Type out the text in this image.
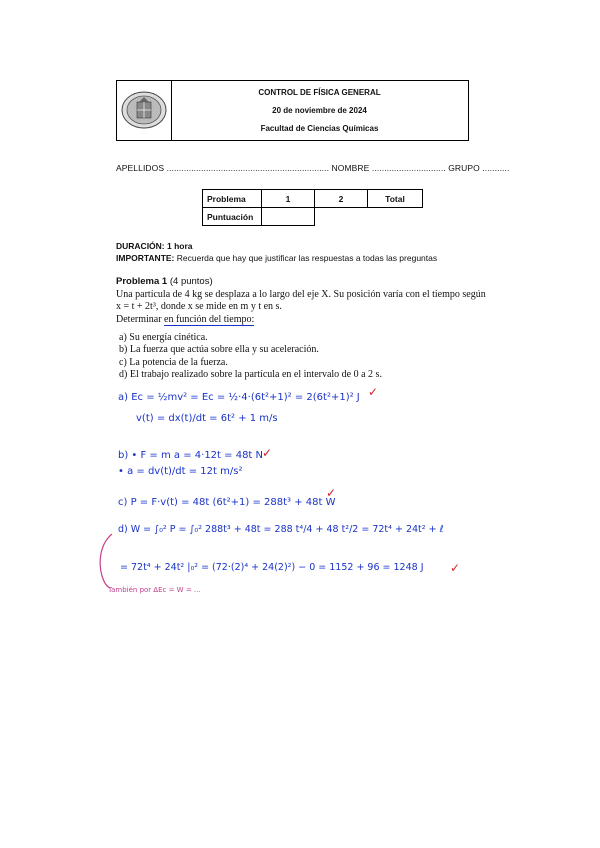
CONTROL DE FÍSICA GENERAL
20 de noviembre de 2024
Facultad de Ciencias Químicas
APELLIDOS .................................................................. NOMBRE .............................. GRUPO ...........
Problema	1	2	Total
Puntuación			
DURACIÓN: 1 hora
IMPORTANTE: Recuerda que hay que justificar las respuestas a todas las preguntas
Problema 1 (4 puntos)
Una partícula de 4 kg se desplaza a lo largo del eje X. Su posición varía con el tiempo según
x = t + 2t³, donde x se mide en m y t en s.
Determinar en función del tiempo:
a) Su energía cinética.
b) La fuerza que actúa sobre ella y su aceleración.
c) La potencia de la fuerza.
d) El trabajo realizado sobre la partícula en el intervalo de 0 a 2 s.
a) Ec = ½mv² = Ec = ½·4·(6t²+1)² = 2(6t²+1)² J ✓
v(t) = dx(t)/dt = 6t² + 1 m/s
b) • F = m a = 4·12t = 48t N
✓
• a = dv(t)/dt = 12t m/s²
c) P = F·v(t) = 48t (6t²+1) = 288t³ + 48t W
✓
d) W = ∫₀² P = ∫₀² 288t³ + 48t = 288 t⁴/4 + 48 t²/2 = 72t⁴ + 24t² + ℓ
= 72t⁴ + 24t² |₀² = (72·(2)⁴ + 24(2)²) − 0 = 1152 + 96 = 1248 J ✓
También por ∆Ec = W = ...
